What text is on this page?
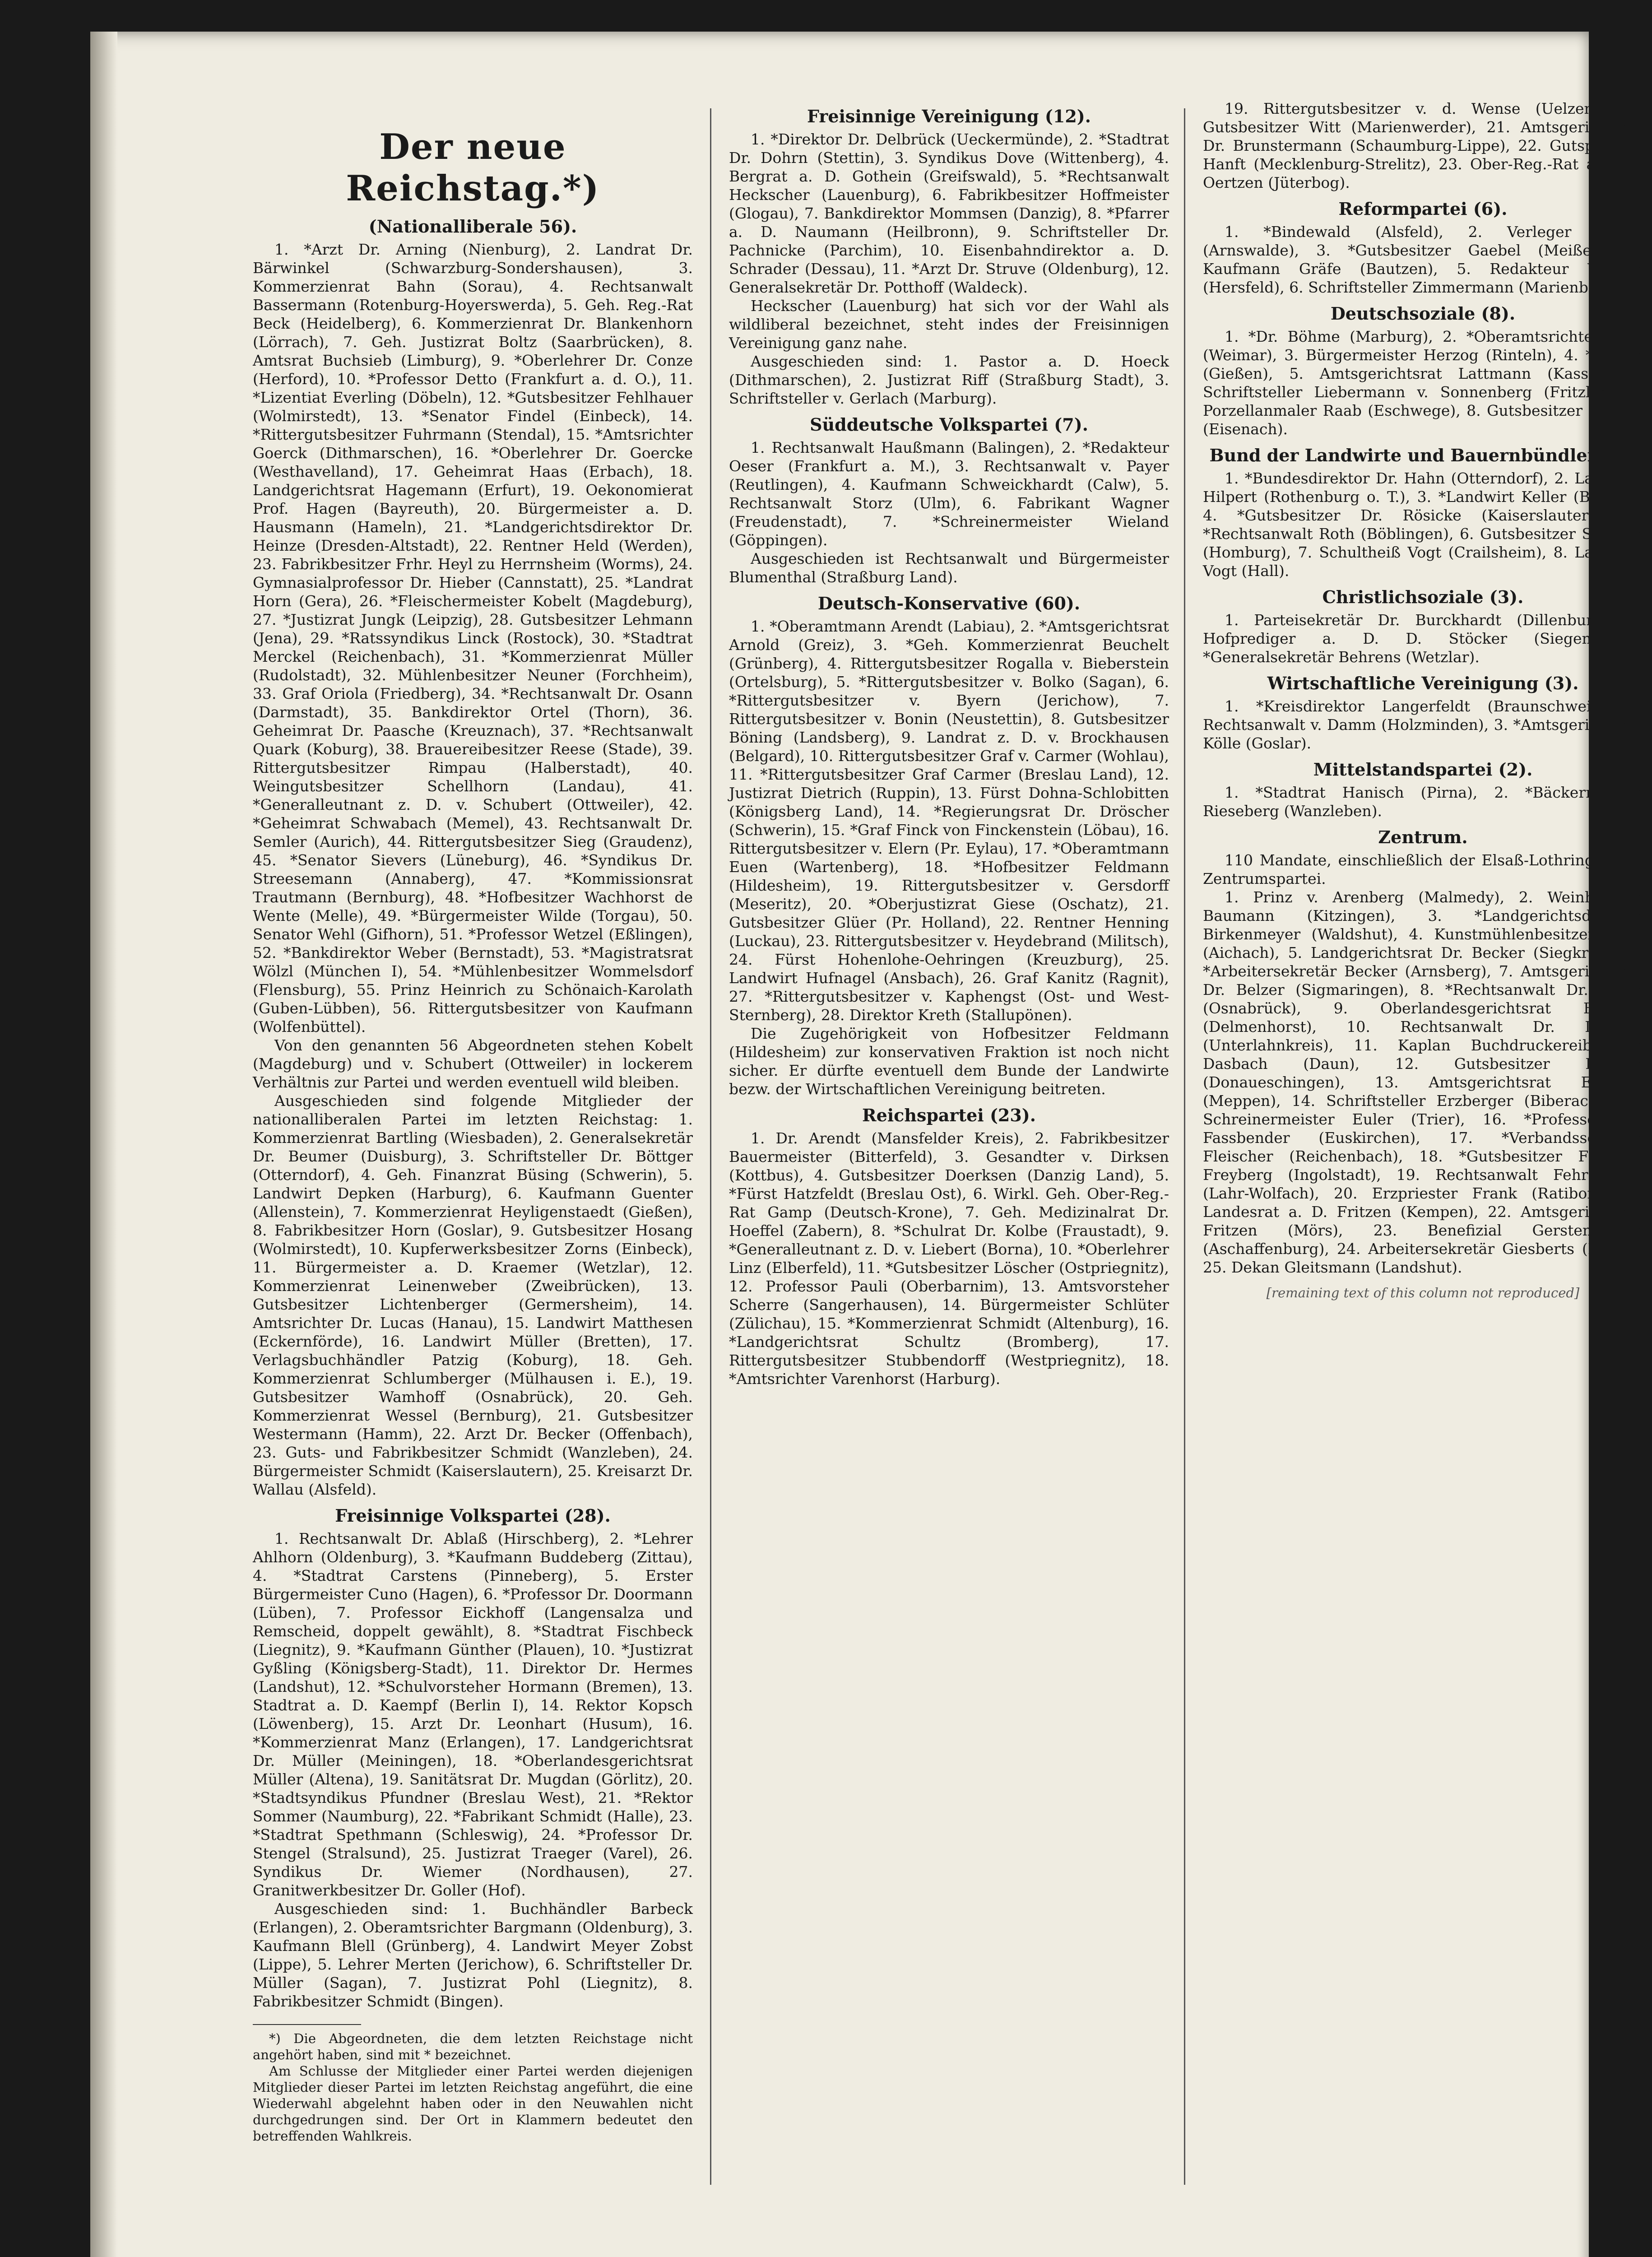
Der neue Reichstag.*)
(Nationalliberale 56).
1. *Arzt Dr. Arning (Nienburg), 2. Landrat Dr. Bärwinkel (Schwarzburg-Sondershausen), 3. Kommerzienrat Bahn (Sorau), 4. Rechtsanwalt Bassermann (Rotenburg-Hoyerswerda), 5. Geh. Reg.-Rat Beck (Heidelberg), 6. Kommerzienrat Dr. Blankenhorn (Lörrach), 7. Geh. Justizrat Boltz (Saarbrücken), 8. Amtsrat Buchsieb (Limburg), 9. *Oberlehrer Dr. Conze (Herford), 10. *Professor Detto (Frankfurt a. d. O.), 11. *Lizentiat Everling (Döbeln), 12. *Gutsbesitzer Fehlhauer (Wolmirstedt), 13. *Senator Findel (Einbeck), 14. *Rittergutsbesitzer Fuhrmann (Stendal), 15. *Amtsrichter Goerck (Dithmarschen), 16. *Oberlehrer Dr. Goercke (Westhavelland), 17. Geheimrat Haas (Erbach), 18. Landgerichtsrat Hagemann (Erfurt), 19. Oekonomierat Prof. Hagen (Bayreuth), 20. Bürgermeister a. D. Hausmann (Hameln), 21. *Landgerichtsdirektor Dr. Heinze (Dresden-Altstadt), 22. Rentner Held (Werden), 23. Fabrikbesitzer Frhr. Heyl zu Herrnsheim (Worms), 24. Gymnasialprofessor Dr. Hieber (Cannstatt), 25. *Landrat Horn (Gera), 26. *Fleischermeister Kobelt (Magdeburg), 27. *Justizrat Jungk (Leipzig), 28. Gutsbesitzer Lehmann (Jena), 29. *Ratssyndikus Linck (Rostock), 30. *Stadtrat Merckel (Reichenbach), 31. *Kommerzienrat Müller (Rudolstadt), 32. Mühlenbesitzer Neuner (Forchheim), 33. Graf Oriola (Friedberg), 34. *Rechtsanwalt Dr. Osann (Darmstadt), 35. Bankdirektor Ortel (Thorn), 36. Geheimrat Dr. Paasche (Kreuznach), 37. *Rechtsanwalt Quark (Koburg), 38. Brauereibesitzer Reese (Stade), 39. Rittergutsbesitzer Rimpau (Halberstadt), 40. Weingutsbesitzer Schellhorn (Landau), 41. *Generalleutnant z. D. v. Schubert (Ottweiler), 42. *Geheimrat Schwabach (Memel), 43. Rechtsanwalt Dr. Semler (Aurich), 44. Rittergutsbesitzer Sieg (Graudenz), 45. *Senator Sievers (Lüneburg), 46. *Syndikus Dr. Streesemann (Annaberg), 47. *Kommissionsrat Trautmann (Bernburg), 48. *Hofbesitzer Wachhorst de Wente (Melle), 49. *Bürgermeister Wilde (Torgau), 50. Senator Wehl (Gifhorn), 51. *Professor Wetzel (Eßlingen), 52. *Bankdirektor Weber (Bernstadt), 53. *Magistratsrat Wölzl (München I), 54. *Mühlenbesitzer Wommelsdorf (Flensburg), 55. Prinz Heinrich zu Schönaich-Karolath (Guben-Lübben), 56. Rittergutsbesitzer von Kaufmann (Wolfenbüttel).
Von den genannten 56 Abgeordneten stehen Kobelt (Magdeburg) und v. Schubert (Ottweiler) in lockerem Verhältnis zur Partei und werden eventuell wild bleiben.
Ausgeschieden sind folgende Mitglieder der nationalliberalen Partei im letzten Reichstag: 1. Kommerzienrat Bartling (Wiesbaden), 2. Generalsekretär Dr. Beumer (Duisburg), 3. Schriftsteller Dr. Böttger (Otterndorf), 4. Geh. Finanzrat Büsing (Schwerin), 5. Landwirt Depken (Harburg), 6. Kaufmann Guenter (Allenstein), 7. Kommerzienrat Heyligenstaedt (Gießen), 8. Fabrikbesitzer Horn (Goslar), 9. Gutsbesitzer Hosang (Wolmirstedt), 10. Kupferwerksbesitzer Zorns (Einbeck), 11. Bürgermeister a. D. Kraemer (Wetzlar), 12. Kommerzienrat Leinenweber (Zweibrücken), 13. Gutsbesitzer Lichtenberger (Germersheim), 14. Amtsrichter Dr. Lucas (Hanau), 15. Landwirt Matthesen (Eckernförde), 16. Landwirt Müller (Bretten), 17. Verlagsbuchhändler Patzig (Koburg), 18. Geh. Kommerzienrat Schlumberger (Mülhausen i. E.), 19. Gutsbesitzer Wamhoff (Osnabrück), 20. Geh. Kommerzienrat Wessel (Bernburg), 21. Gutsbesitzer Westermann (Hamm), 22. Arzt Dr. Becker (Offenbach), 23. Guts- und Fabrikbesitzer Schmidt (Wanzleben), 24. Bürgermeister Schmidt (Kaiserslautern), 25. Kreisarzt Dr. Wallau (Alsfeld).
Freisinnige Volkspartei (28).
1. Rechtsanwalt Dr. Ablaß (Hirschberg), 2. *Lehrer Ahlhorn (Oldenburg), 3. *Kaufmann Buddeberg (Zittau), 4. *Stadtrat Carstens (Pinneberg), 5. Erster Bürgermeister Cuno (Hagen), 6. *Professor Dr. Doormann (Lüben), 7. Professor Eickhoff (Langensalza und Remscheid, doppelt gewählt), 8. *Stadtrat Fischbeck (Liegnitz), 9. *Kaufmann Günther (Plauen), 10. *Justizrat Gyßling (Königsberg-Stadt), 11. Direktor Dr. Hermes (Landshut), 12. *Schulvorsteher Hormann (Bremen), 13. Stadtrat a. D. Kaempf (Berlin I), 14. Rektor Kopsch (Löwenberg), 15. Arzt Dr. Leonhart (Husum), 16. *Kommerzienrat Manz (Erlangen), 17. Landgerichtsrat Dr. Müller (Meiningen), 18. *Oberlandesgerichtsrat Müller (Altena), 19. Sanitätsrat Dr. Mugdan (Görlitz), 20. *Stadtsyndikus Pfundner (Breslau West), 21. *Rektor Sommer (Naumburg), 22. *Fabrikant Schmidt (Halle), 23. *Stadtrat Spethmann (Schleswig), 24. *Professor Dr. Stengel (Stralsund), 25. Justizrat Traeger (Varel), 26. Syndikus Dr. Wiemer (Nordhausen), 27. Granitwerkbesitzer Dr. Goller (Hof).
Ausgeschieden sind: 1. Buchhändler Barbeck (Erlangen), 2. Oberamtsrichter Bargmann (Oldenburg), 3. Kaufmann Blell (Grünberg), 4. Landwirt Meyer Zobst (Lippe), 5. Lehrer Merten (Jerichow), 6. Schriftsteller Dr. Müller (Sagan), 7. Justizrat Pohl (Liegnitz), 8. Fabrikbesitzer Schmidt (Bingen).
*) Die Abgeordneten, die dem letzten Reichstage nicht angehört haben, sind mit * bezeichnet.
Am Schlusse der Mitglieder einer Partei werden diejenigen Mitglieder dieser Partei im letzten Reichstag angeführt, die eine Wiederwahl abgelehnt haben oder in den Neuwahlen nicht durchgedrungen sind. Der Ort in Klammern bedeutet den betreffenden Wahlkreis.
Freisinnige Vereinigung (12).
1. *Direktor Dr. Delbrück (Ueckermünde), 2. *Stadtrat Dr. Dohrn (Stettin), 3. Syndikus Dove (Wittenberg), 4. Bergrat a. D. Gothein (Greifswald), 5. *Rechtsanwalt Heckscher (Lauenburg), 6. Fabrikbesitzer Hoffmeister (Glogau), 7. Bankdirektor Mommsen (Danzig), 8. *Pfarrer a. D. Naumann (Heilbronn), 9. Schriftsteller Dr. Pachnicke (Parchim), 10. Eisenbahndirektor a. D. Schrader (Dessau), 11. *Arzt Dr. Struve (Oldenburg), 12. Generalsekretär Dr. Potthoff (Waldeck).
Heckscher (Lauenburg) hat sich vor der Wahl als wildliberal bezeichnet, steht indes der Freisinnigen Vereinigung ganz nahe.
Ausgeschieden sind: 1. Pastor a. D. Hoeck (Dithmarschen), 2. Justizrat Riff (Straßburg Stadt), 3. Schriftsteller v. Gerlach (Marburg).
Süddeutsche Volkspartei (7).
1. Rechtsanwalt Haußmann (Balingen), 2. *Redakteur Oeser (Frankfurt a. M.), 3. Rechtsanwalt v. Payer (Reutlingen), 4. Kaufmann Schweickhardt (Calw), 5. Rechtsanwalt Storz (Ulm), 6. Fabrikant Wagner (Freudenstadt), 7. *Schreinermeister Wieland (Göppingen).
Ausgeschieden ist Rechtsanwalt und Bürgermeister Blumenthal (Straßburg Land).
Deutsch-Konservative (60).
1. *Oberamtmann Arendt (Labiau), 2. *Amtsgerichtsrat Arnold (Greiz), 3. *Geh. Kommerzienrat Beuchelt (Grünberg), 4. Rittergutsbesitzer Rogalla v. Bieberstein (Ortelsburg), 5. *Rittergutsbesitzer v. Bolko (Sagan), 6. *Rittergutsbesitzer v. Byern (Jerichow), 7. Rittergutsbesitzer v. Bonin (Neustettin), 8. Gutsbesitzer Böning (Landsberg), 9. Landrat z. D. v. Brockhausen (Belgard), 10. Rittergutsbesitzer Graf v. Carmer (Wohlau), 11. *Rittergutsbesitzer Graf Carmer (Breslau Land), 12. Justizrat Dietrich (Ruppin), 13. Fürst Dohna-Schlobitten (Königsberg Land), 14. *Regierungsrat Dr. Dröscher (Schwerin), 15. *Graf Finck von Finckenstein (Löbau), 16. Rittergutsbesitzer v. Elern (Pr. Eylau), 17. *Oberamtmann Euen (Wartenberg), 18. *Hofbesitzer Feldmann (Hildesheim), 19. Rittergutsbesitzer v. Gersdorff (Meseritz), 20. *Oberjustizrat Giese (Oschatz), 21. Gutsbesitzer Glüer (Pr. Holland), 22. Rentner Henning (Luckau), 23. Rittergutsbesitzer v. Heydebrand (Militsch), 24. Fürst Hohenlohe-Oehringen (Kreuzburg), 25. Landwirt Hufnagel (Ansbach), 26. Graf Kanitz (Ragnit), 27. *Rittergutsbesitzer v. Kaphengst (Ost- und West-Sternberg), 28. Direktor Kreth (Stallupönen).
Die Zugehörigkeit von Hofbesitzer Feldmann (Hildesheim) zur konservativen Fraktion ist noch nicht sicher. Er dürfte eventuell dem Bunde der Landwirte bezw. der Wirtschaftlichen Vereinigung beitreten.
Reichspartei (23).
1. Dr. Arendt (Mansfelder Kreis), 2. Fabrikbesitzer Bauermeister (Bitterfeld), 3. Gesandter v. Dirksen (Kottbus), 4. Gutsbesitzer Doerksen (Danzig Land), 5. *Fürst Hatzfeldt (Breslau Ost), 6. Wirkl. Geh. Ober-Reg.-Rat Gamp (Deutsch-Krone), 7. Geh. Medizinalrat Dr. Hoeffel (Zabern), 8. *Schulrat Dr. Kolbe (Fraustadt), 9. *Generalleutnant z. D. v. Liebert (Borna), 10. *Oberlehrer Linz (Elberfeld), 11. *Gutsbesitzer Löscher (Ostpriegnitz), 12. Professor Pauli (Oberbarnim), 13. Amtsvorsteher Scherre (Sangerhausen), 14. Bürgermeister Schlüter (Zülichau), 15. *Kommerzienrat Schmidt (Altenburg), 16. *Landgerichtsrat Schultz (Bromberg), 17. Rittergutsbesitzer Stubbendorff (Westpriegnitz), 18. *Amtsrichter Varenhorst (Harburg).
19. Rittergutsbesitzer v. d. Wense (Uelzen), 20. Gutsbesitzer Witt (Marienwerder), 21. Amtsgerichtsrat Dr. Brunstermann (Schaumburg-Lippe), 22. Gutspächter Hanft (Mecklenburg-Strelitz), 23. Ober-Reg.-Rat a. D. v. Oertzen (Jüterbog).
Reformpartei (6).
1. *Bindewald (Alsfeld), 2. Verleger Bruhn (Arnswalde), 3. *Gutsbesitzer Gaebel (Meißen), 4. Kaufmann Gräfe (Bautzen), 5. Redakteur Werner (Hersfeld), 6. Schriftsteller Zimmermann (Marienberg).
Deutschsoziale (8).
1. *Dr. Böhme (Marburg), 2. *Oberamtsrichter Graf (Weimar), 3. Bürgermeister Herzog (Rinteln), 4. *Köhler (Gießen), 5. Amtsgerichtsrat Lattmann (Kassel), 6. Schriftsteller Liebermann v. Sonnenberg (Fritzlar), 7. Porzellanmaler Raab (Eschwege), 8. Gutsbesitzer Schack (Eisenach).
Bund der Landwirte und Bauernbündler (8).
1. *Bundesdirektor Dr. Hahn (Otterndorf), 2. Landwirt Hilpert (Rothenburg o. T.), 3. *Landwirt Keller (Bingen), 4. *Gutsbesitzer Dr. Rösicke (Kaiserslautern), 5. *Rechtsanwalt Roth (Böblingen), 6. Gutsbesitzer Stauffer (Homburg), 7. Schultheiß Vogt (Crailsheim), 8. Landwirt Vogt (Hall).
Christlichsoziale (3).
1. Parteisekretär Dr. Burckhardt (Dillenburg), 2. Hofprediger a. D. D. Stöcker (Siegen), 3. *Generalsekretär Behrens (Wetzlar).
Wirtschaftliche Vereinigung (3).
1. *Kreisdirektor Langerfeldt (Braunschweig), 2. Rechtsanwalt v. Damm (Holzminden), 3. *Amtsgerichtsrat Kölle (Goslar).
Mittelstandspartei (2).
1. *Stadtrat Hanisch (Pirna), 2. *Bäckermeister Rieseberg (Wanzleben).
Zentrum.
110 Mandate, einschließlich der Elsaß-Lothringischen Zentrumspartei.
1. Prinz v. Arenberg (Malmedy), 2. Weinhändler Baumann (Kitzingen), 3. *Landgerichtsdirektor Birkenmeyer (Waldshut), 4. Kunstmühlenbesitzer Beck (Aichach), 5. Landgerichtsrat Dr. Becker (Siegkreis), 6. *Arbeitersekretär Becker (Arnsberg), 7. Amtsgerichtsrat Dr. Belzer (Sigmaringen), 8. *Rechtsanwalt Dr. Bitter (Osnabrück), 9. Oberlandesgerichtsrat Burlage (Delmenhorst), 10. Rechtsanwalt Dr. Dahlem (Unterlahnkreis), 11. Kaplan Buchdruckereibesitzer Dasbach (Daun), 12. Gutsbesitzer Duffner (Donaueschingen), 13. Amtsgerichtsrat Engelen (Meppen), 14. Schriftsteller Erzberger (Biberach), 15. Schreinermeister Euler (Trier), 16. *Professor Dr. Fassbender (Euskirchen), 17. *Verbandssekretär Fleischer (Reichenbach), 18. *Gutsbesitzer Frhr. v. Freyberg (Ingolstadt), 19. Rechtsanwalt Fehrenbach (Lahr-Wolfach), 20. Erzpriester Frank (Ratibor), 21. Landesrat a. D. Fritzen (Kempen), 22. Amtsgerichtsrat Fritzen (Mörs), 23. Benefizial Gerstenberger (Aschaffenburg), 24. Arbeitersekretär Giesberts (Essen), 25. Dekan Gleitsmann (Landshut).
[remaining text of this column not reproduced]
